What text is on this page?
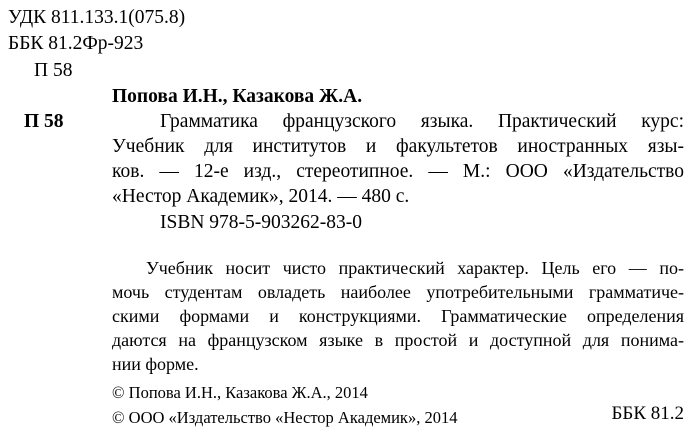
УДК 811.133.1(075.8)
ББК 81.2Фр-923
П 58
Попова И.Н., Казакова Ж.А.
П 58	Грамматика французского языка. Практический курс:
Учебник для институтов и факультетов иностранных язы-
ков. — 12-е изд., стереотипное. — М.: ООО «Издательство
«Нестор Академик», 2014. — 480 с.
ISBN 978-5-903262-83-0
Учебник носит чисто практический характер. Цель его — по-
мочь студентам овладеть наиболее употребительными грамматиче-
скими формами и конструкциями. Грамматические определения
даются на французском языке в простой и доступной для понима-
нии форме.
© Попова И.Н., Казакова Ж.А., 2014
© ООО «Издательство «Нестор Академик», 2014	ББК 81.2
